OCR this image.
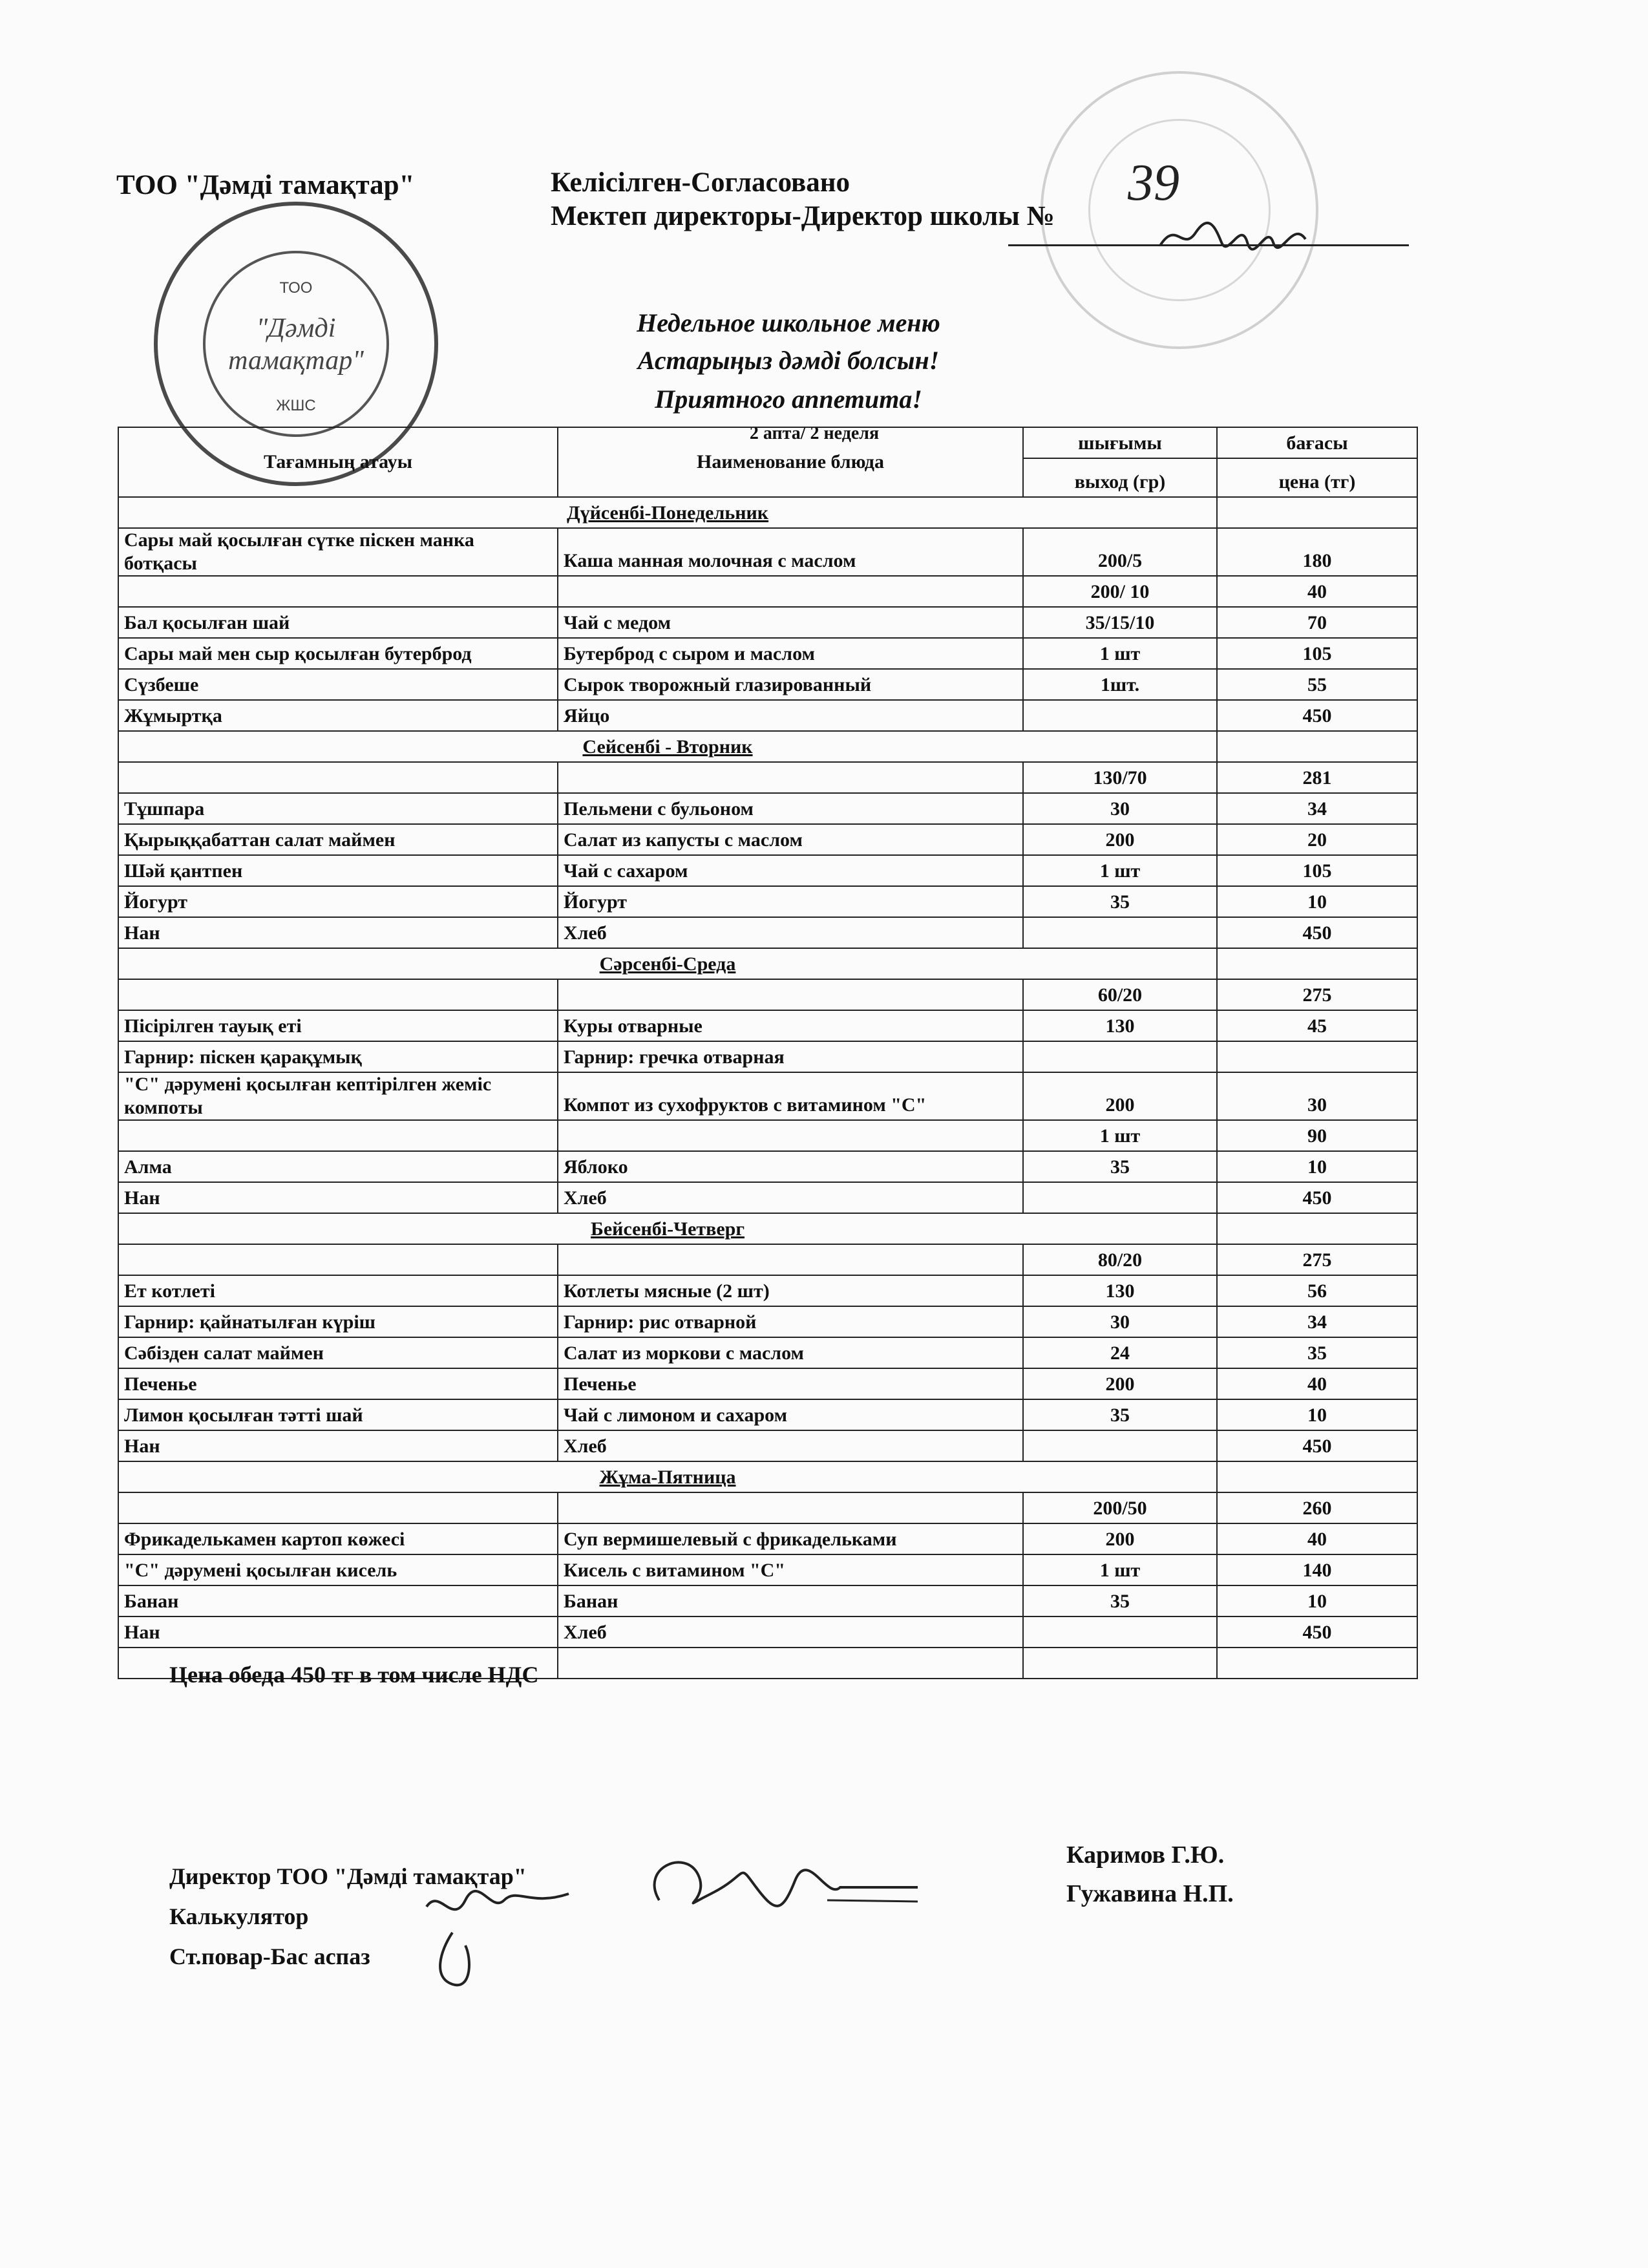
ТОО
"Дәмді
тамақтар"
ЖШС
ТОО "Дәмді тамақтар"	Келісілген-Согласовано
Мектеп директоры-Директор школы №
39
Недельное школьное меню
Астарыңыз дәмді болсын!
Приятного аппетита!
2 апта/ 2 неделя
Тағамның атауы	Наименование блюда	шығымы	бағасы
		выход (гр)	цена (тг)
Дүйсенбі-Понедельник			
Сары май қосылған сүтке піскен манка ботқасы	Каша манная молочная с маслом	200/5	180
		200/ 10	40
Бал қосылған шай	Чай с медом	35/15/10	70
Сары май мен сыр қосылған бутерброд	Бутерброд с сыром и маслом	1 шт	105
Сүзбеше	Сырок творожный глазированный	1шт.	55
Жұмыртқа	Яйцо		450
Сейсенбі - Вторник			
		130/70	281
Тұшпара	Пельмени с бульоном	30	34
Қырыққабаттан салат маймен	Салат из капусты с маслом	200	20
Шәй қантпен	Чай с сахаром	1 шт	105
Йогурт	Йогурт	35	10
Нан	Хлеб		450
Сәрсенбі-Среда			
		60/20	275
Пісірілген тауық еті	Куры отварные	130	45
Гарнир: піскен қарақұмық	Гарнир: гречка отварная		
"С" дәрумені қосылған кептірілген жеміс компоты	Компот из сухофруктов с витамином "С"	200	30
		1 шт	90
Алма	Яблоко	35	10
Нан	Хлеб		450
Бейсенбі-Четверг			
		80/20	275
Ет котлеті	Котлеты мясные (2 шт)	130	56
Гарнир: қайнатылған күріш	Гарнир: рис отварной	30	34
Сәбізден салат маймен	Салат из моркови с маслом	24	35
Печенье	Печенье	200	40
Лимон қосылған тәтті шай	Чай с лимоном и сахаром	35	10
Нан	Хлеб		450
Жұма-Пятница			
		200/50	260
Фрикаделькамен картоп көжесі	Суп вермишелевый с фрикадельками	200	40
"С" дәрумені қосылған кисель	Кисель с витамином "С"	1 шт	140
Банан	Банан	35	10
Нан	Хлеб		450

Цена обеда 450 тг в том числе НДС
Директор ТОО "Дәмді тамақтар"
Калькулятор
Ст.повар-Бас аспаз
Каримов Г.Ю.
Гужавина Н.П.
